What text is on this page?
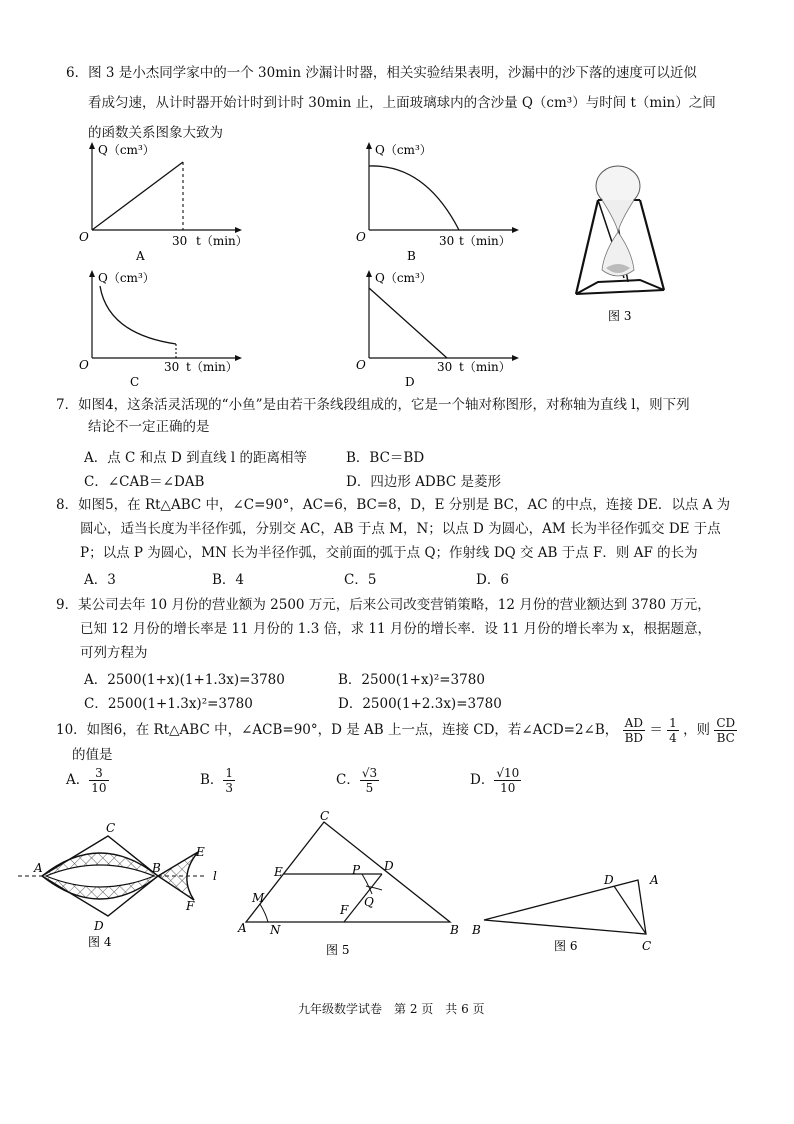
6．图 3 是小杰同学家中的一个 30min 沙漏计时器，相关实验结果表明，沙漏中的沙下落的速度可以近似
看成匀速，从计时器开始计时到计时 30min 止，上面玻璃球内的含沙量 Q（cm³）与时间 t（min）之间
的函数关系图象大致为
Q（cm³）
O	30 t（min）
A
Q（cm³）
O	30 t（min）
B
Q（cm³）
O	30 t（min）
C
Q（cm³）
O	30 t（min）
D
图 3
7．如图4，这条活灵活现的“小鱼”是由若干条线段组成的，它是一个轴对称图形，对称轴为直线 l，则下列
结论不一定正确的是
A．点 C 和点 D 到直线 l 的距离相等	B．BC＝BD
C．∠CAB＝∠DAB	D．四边形 ADBC 是菱形
8．如图5，在 Rt△ABC 中，∠C=90°，AC=6，BC=8，D，E 分别是 BC，AC 的中点，连接 DE．以点 A 为
圆心，适当长度为半径作弧，分别交 AC，AB 于点 M，N；以点 D 为圆心，AM 长为半径作弧交 DE 于点
P；以点 P 为圆心，MN 长为半径作弧，交前面的弧于点 Q；作射线 DQ 交 AB 于点 F．则 AF 的长为
A．3	B．4	C．5	D．6
9．某公司去年 10 月份的营业额为 2500 万元，后来公司改变营销策略，12 月份的营业额达到 3780 万元，
已知 12 月份的增长率是 11 月份的 1.3 倍，求 11 月份的增长率．设 11 月份的增长率为 x，根据题意，
可列方程为
A．2500(1+x)(1+1.3x)=3780	B．2500(1+x)²=3780
C．2500(1+1.3x)²=3780	D．2500(1+2.3x)=3780
10．如图6，在 Rt△ABC 中，∠ACB=90°，D 是 AB 上一点，连接 CD，若∠ACD=2∠B， $\frac{AD}{BD} = \frac{1}{4}$ ，则 $\frac{CD}{BC}$
的值是
A． $\frac{3}{10}$	B． $\frac{1}{3}$	C． $\frac{√3}{5}$	D． $\frac{√10}{10}$
C
A	B
E
F
l
D
图 4
C
E	P D
Q
M
A N
F
B
图 5
D	A
B
C
图 6
九年级数学试卷　第 2 页　共 6 页
